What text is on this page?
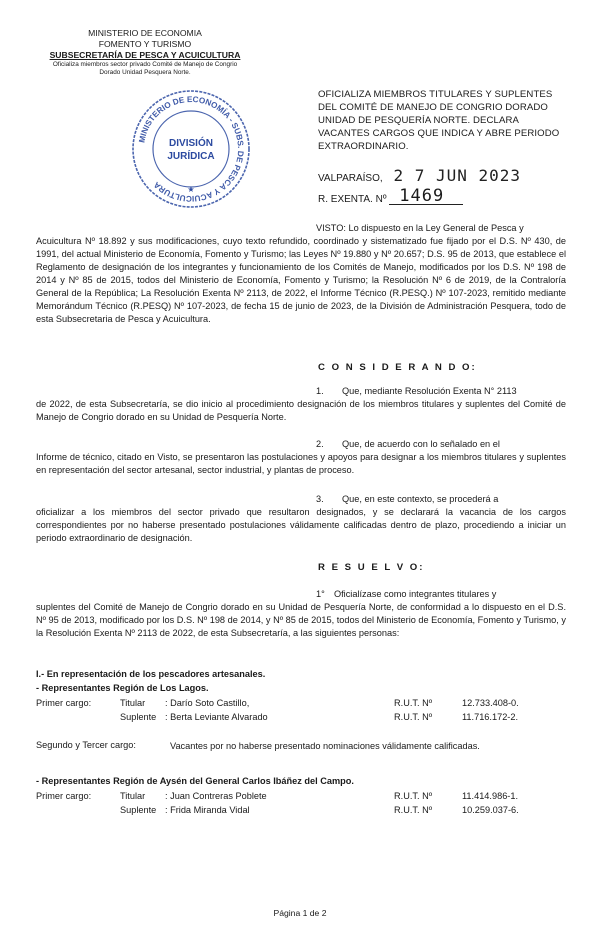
MINISTERIO DE ECONOMIA
FOMENTO Y TURISMO
SUBSECRETARÍA DE PESCA Y ACUICULTURA
Oficializa miembros sector privado Comité de Manejo de Congrio
Dorado Unidad Pesquera Norte.
MINISTERIO DE ECONOMÍA - SUBS. DE PESCA Y ACUICULTURA
DIVISIÓN
JURÍDICA
★
OFICIALIZA MIEMBROS TITULARES Y SUPLENTES
DEL COMITÉ DE MANEJO DE CONGRIO DORADO
UNIDAD DE PESQUERÍA NORTE. DECLARA
VACANTES CARGOS QUE INDICA Y ABRE PERIODO
EXTRAORDINARIO.
VALPARAÍSO, 2 7 JUN 2023
R. EXENTA. Nº 1469
VISTO: Lo dispuesto en la Ley General de Pesca y
Acuicultura Nº 18.892 y sus modificaciones, cuyo texto refundido, coordinado y sistematizado fue fijado por el D.S. Nº 430, de 1991, del actual Ministerio de Economía, Fomento y Turismo; las Leyes Nº 19.880 y Nº 20.657; D.S. 95 de 2013, que establece el Reglamento de designación de los integrantes y funcionamiento de los Comités de Manejo, modificados por los D.S. Nº 198 de 2014 y Nº 85 de 2015, todos del Ministerio de Economía, Fomento y Turismo; la Resolución Nº 6 de 2019, de la Contraloría General de la República; La Resolución Exenta Nº 2113, de 2022, el Informe Técnico (R.PESQ.) Nº 107-2023, remitido mediante Memorándum Técnico (R.PESQ) Nº 107-2023, de fecha 15 de junio de 2023, de la División de Administración Pesquera, todo de esta Subsecretaria de Pesca y Acuicultura.
C O N S I D E R A N D O:
1.  Que, mediante Resolución Exenta N° 2113
de 2022, de esta Subsecretaría, se dio inicio al procedimiento designación de los miembros titulares y suplentes del Comité de Manejo de Congrio dorado en su Unidad de Pesquería Norte.
2.  Que, de acuerdo con lo señalado en el
Informe de técnico, citado en Visto, se presentaron las postulaciones y apoyos para designar a los miembros titulares y suplentes en representación del sector artesanal, sector industrial, y plantas de proceso.
3.  Que, en este contexto, se procederá a
oficializar a los miembros del sector privado que resultaron designados, y se declarará la vacancia de los cargos correspondientes por no haberse presentado postulaciones válidamente calificadas dentro de plazo, procediendo a iniciar un periodo extraordinario de designación.
R E S U E L V O:
1° Oficialízase como integrantes titulares y
suplentes del Comité de Manejo de Congrio dorado en su Unidad de Pesquería Norte, de conformidad a lo dispuesto en el D.S. Nº 95 de 2013, modificado por los D.S. Nº 198 de 2014, y Nº 85 de 2015, todos del Ministerio de Economía, Fomento y Turismo, y la Resolución Exenta Nº 2113 de 2022, de esta Subsecretaría, a las siguientes personas:
I.- En representación de los pescadores artesanales.
- Representantes Región de Los Lagos.
Primer cargo:	Titular : Darío Soto Castillo,	R.U.T. Nº	12.733.408-0.
Suplente : Berta Leviante Alvarado	R.U.T. Nº	11.716.172-2.
Segundo y Tercer cargo:	Vacantes por no haberse presentado nominaciones válidamente calificadas.
- Representantes Región de Aysén del General Carlos Ibáñez del Campo.
Primer cargo:	Titular : Juan Contreras Poblete	R.U.T. Nº	11.414.986-1.
Suplente : Frida Miranda Vidal	R.U.T. Nº	10.259.037-6.
Página 1 de 2
